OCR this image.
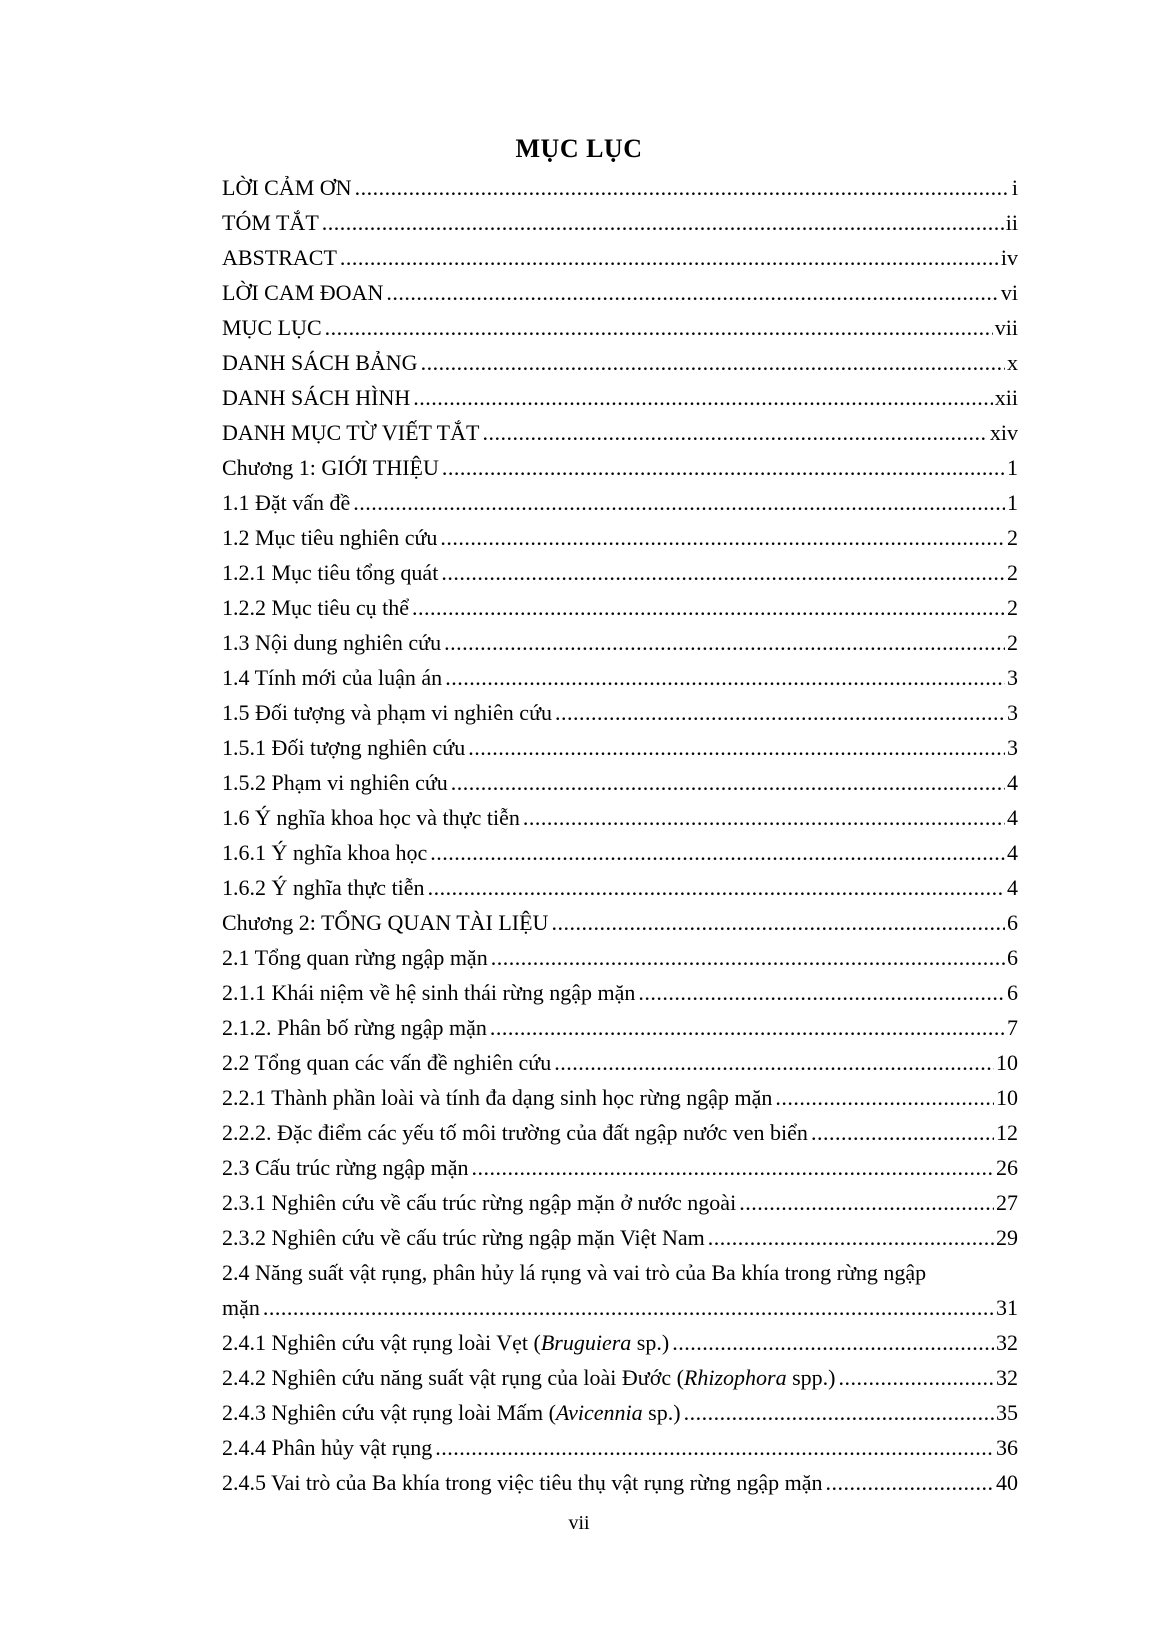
MỤC LỤC
LỜI CẢM ƠN .....	i
TÓM TẮT .....	ii
ABSTRACT .....	iv
LỜI CAM ĐOAN .....	vi
MỤC LỤC .....	vii
DANH SÁCH BẢNG .....	x
DANH SÁCH HÌNH .....	xii
DANH MỤC TỪ VIẾT TẮT .....	xiv
Chương 1: GIỚI THIỆU .....	1
1.1 Đặt vấn đề .....	1
1.2 Mục tiêu nghiên cứu .....	2
1.2.1 Mục tiêu tổng quát .....	2
1.2.2 Mục tiêu cụ thể .....	2
1.3 Nội dung nghiên cứu .....	2
1.4 Tính mới của luận án .....	3
1.5 Đối tượng và phạm vi nghiên cứu .....	3
1.5.1 Đối tượng nghiên cứu .....	3
1.5.2 Phạm vi nghiên cứu .....	4
1.6 Ý nghĩa khoa học và thực tiễn .....	4
1.6.1 Ý nghĩa khoa học .....	4
1.6.2 Ý nghĩa thực tiễn .....	4
Chương 2: TỔNG QUAN TÀI LIỆU .....	6
2.1 Tổng quan rừng ngập mặn .....	6
2.1.1 Khái niệm về hệ sinh thái rừng ngập mặn .....	6
2.1.2. Phân bố rừng ngập mặn .....	7
2.2 Tổng quan các vấn đề nghiên cứu .....	10
2.2.1 Thành phần loài và tính đa dạng sinh học rừng ngập mặn .....	10
2.2.2. Đặc điểm các yếu tố môi trường của đất ngập nước ven biển .....	12
2.3 Cấu trúc rừng ngập mặn .....	26
2.3.1 Nghiên cứu về cấu trúc rừng ngập mặn ở nước ngoài .....	27
2.3.2 Nghiên cứu về cấu trúc rừng ngập mặn Việt Nam .....	29
2.4 Năng suất vật rụng, phân hủy lá rụng và vai trò của Ba khía trong rừng ngập
mặn .....	31
2.4.1 Nghiên cứu vật rụng loài Vẹt (Bruguiera sp.) .....	32
2.4.2 Nghiên cứu năng suất vật rụng của loài Đước (Rhizophora spp.) .....	32
2.4.3 Nghiên cứu vật rụng loài Mấm (Avicennia sp.) .....	35
2.4.4 Phân hủy vật rụng .....	36
2.4.5 Vai trò của Ba khía trong việc tiêu thụ vật rụng rừng ngập mặn .....	40
vii
